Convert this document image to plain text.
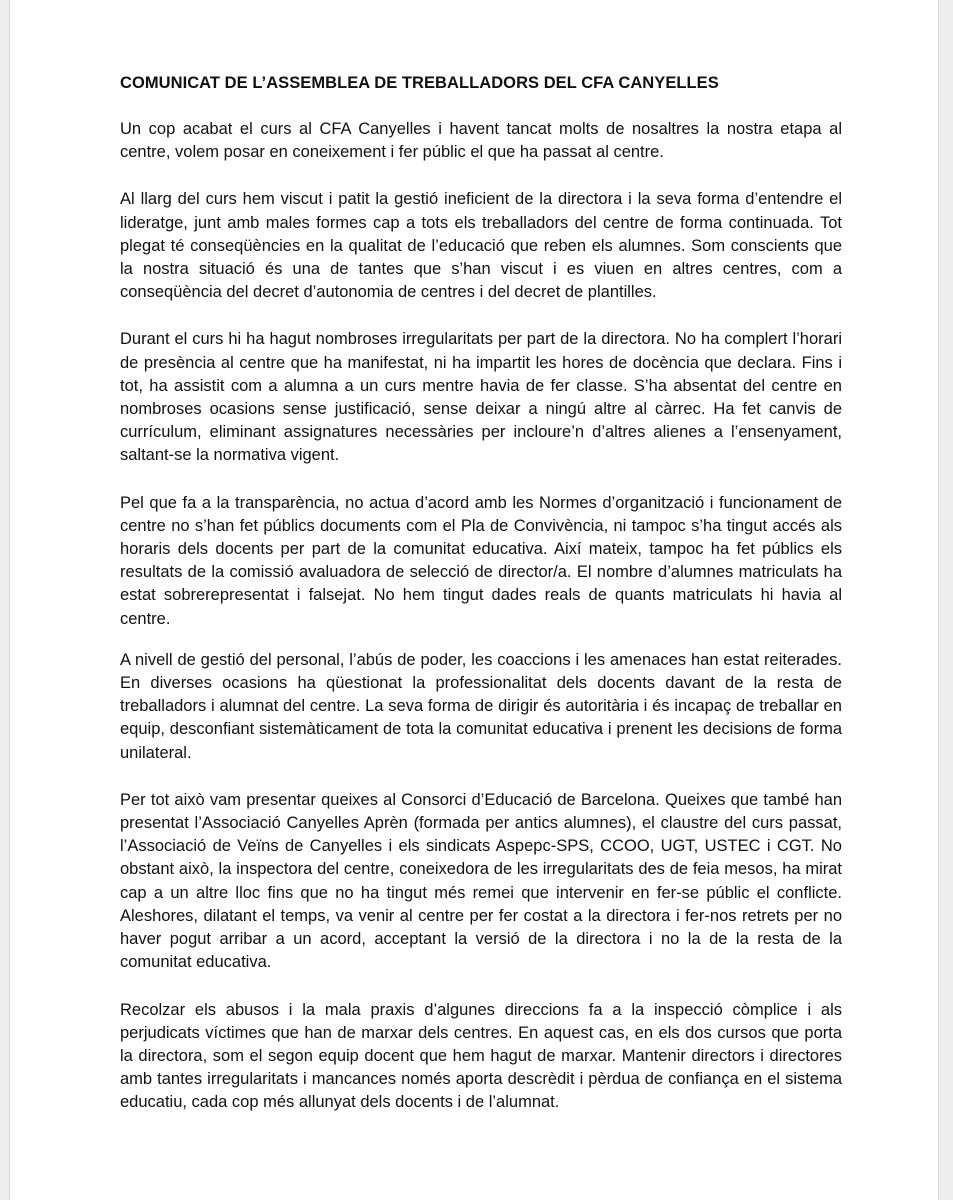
COMUNICAT DE L’ASSEMBLEA DE TREBALLADORS DEL CFA CANYELLES

Un cop acabat el curs al CFA Canyelles i havent tancat molts de nosaltres la nostra etapa al centre, volem posar en coneixement i fer públic el que ha passat al centre.

Al llarg del curs hem viscut i patit la gestió ineficient de la directora i la seva forma d’entendre el lideratge, junt amb males formes cap a tots els treballadors del centre de forma continuada. Tot plegat té conseqüències en la qualitat de l’educació que reben els alumnes. Som conscients que la nostra situació és una de tantes que s’han viscut i es viuen en altres centres, com a conseqüència del decret d’autonomia de centres i del decret de plantilles.

Durant el curs hi ha hagut nombroses irregularitats per part de la directora. No ha complert l’horari de presència al centre que ha manifestat, ni ha impartit les hores de docència que declara. Fins i tot, ha assistit com a alumna a un curs mentre havia de fer classe. S’ha absentat del centre en nombroses ocasions sense justificació, sense deixar a ningú altre al càrrec. Ha fet canvis de currículum, eliminant assignatures necessàries per incloure’n d’altres alienes a l’ensenyament, saltant-se la normativa vigent.

Pel que fa a la transparència, no actua d’acord amb les Normes d’organització i funcionament de centre no s’han fet públics documents com el Pla de Convivència, ni tampoc s’ha tingut accés als horaris dels docents per part de la comunitat educativa. Així mateix, tampoc ha fet públics els resultats de la comissió avaluadora de selecció de director/a. El nombre d’alumnes matriculats ha estat sobrerepresentat i falsejat. No hem tingut dades reals de quants matriculats hi havia al centre.

A nivell de gestió del personal, l’abús de poder, les coaccions i les amenaces han estat reiterades. En diverses ocasions ha qüestionat la professionalitat dels docents davant de la resta de treballadors i alumnat del centre. La seva forma de dirigir és autoritària i és incapaç de treballar en equip, desconfiant sistemàticament de tota la comunitat educativa i prenent les decisions de forma unilateral.

Per tot això vam presentar queixes al Consorci d’Educació de Barcelona. Queixes que també han presentat l’Associació Canyelles Aprèn (formada per antics alumnes), el claustre del curs passat, l’Associació de Veïns de Canyelles i els sindicats Aspepc-SPS, CCOO, UGT, USTEC i CGT. No obstant això, la inspectora del centre, coneixedora de les irregularitats des de feia mesos, ha mirat cap a un altre lloc fins que no ha tingut més remei que intervenir en fer-se públic el conflicte. Aleshores, dilatant el temps, va venir al centre per fer costat a la directora i fer-nos retrets per no haver pogut arribar a un acord, acceptant la versió de la directora i no la de la resta de la comunitat educativa.

Recolzar els abusos i la mala praxis d’algunes direccions fa a la inspecció còmplice i als perjudicats víctimes que han de marxar dels centres. En aquest cas, en els dos cursos que porta la directora, som el segon equip docent que hem hagut de marxar. Mantenir directors i directores amb tantes irregularitats i mancances només aporta descrèdit i pèrdua de confiança en el sistema educatiu, cada cop més allunyat dels docents i de l’alumnat.
